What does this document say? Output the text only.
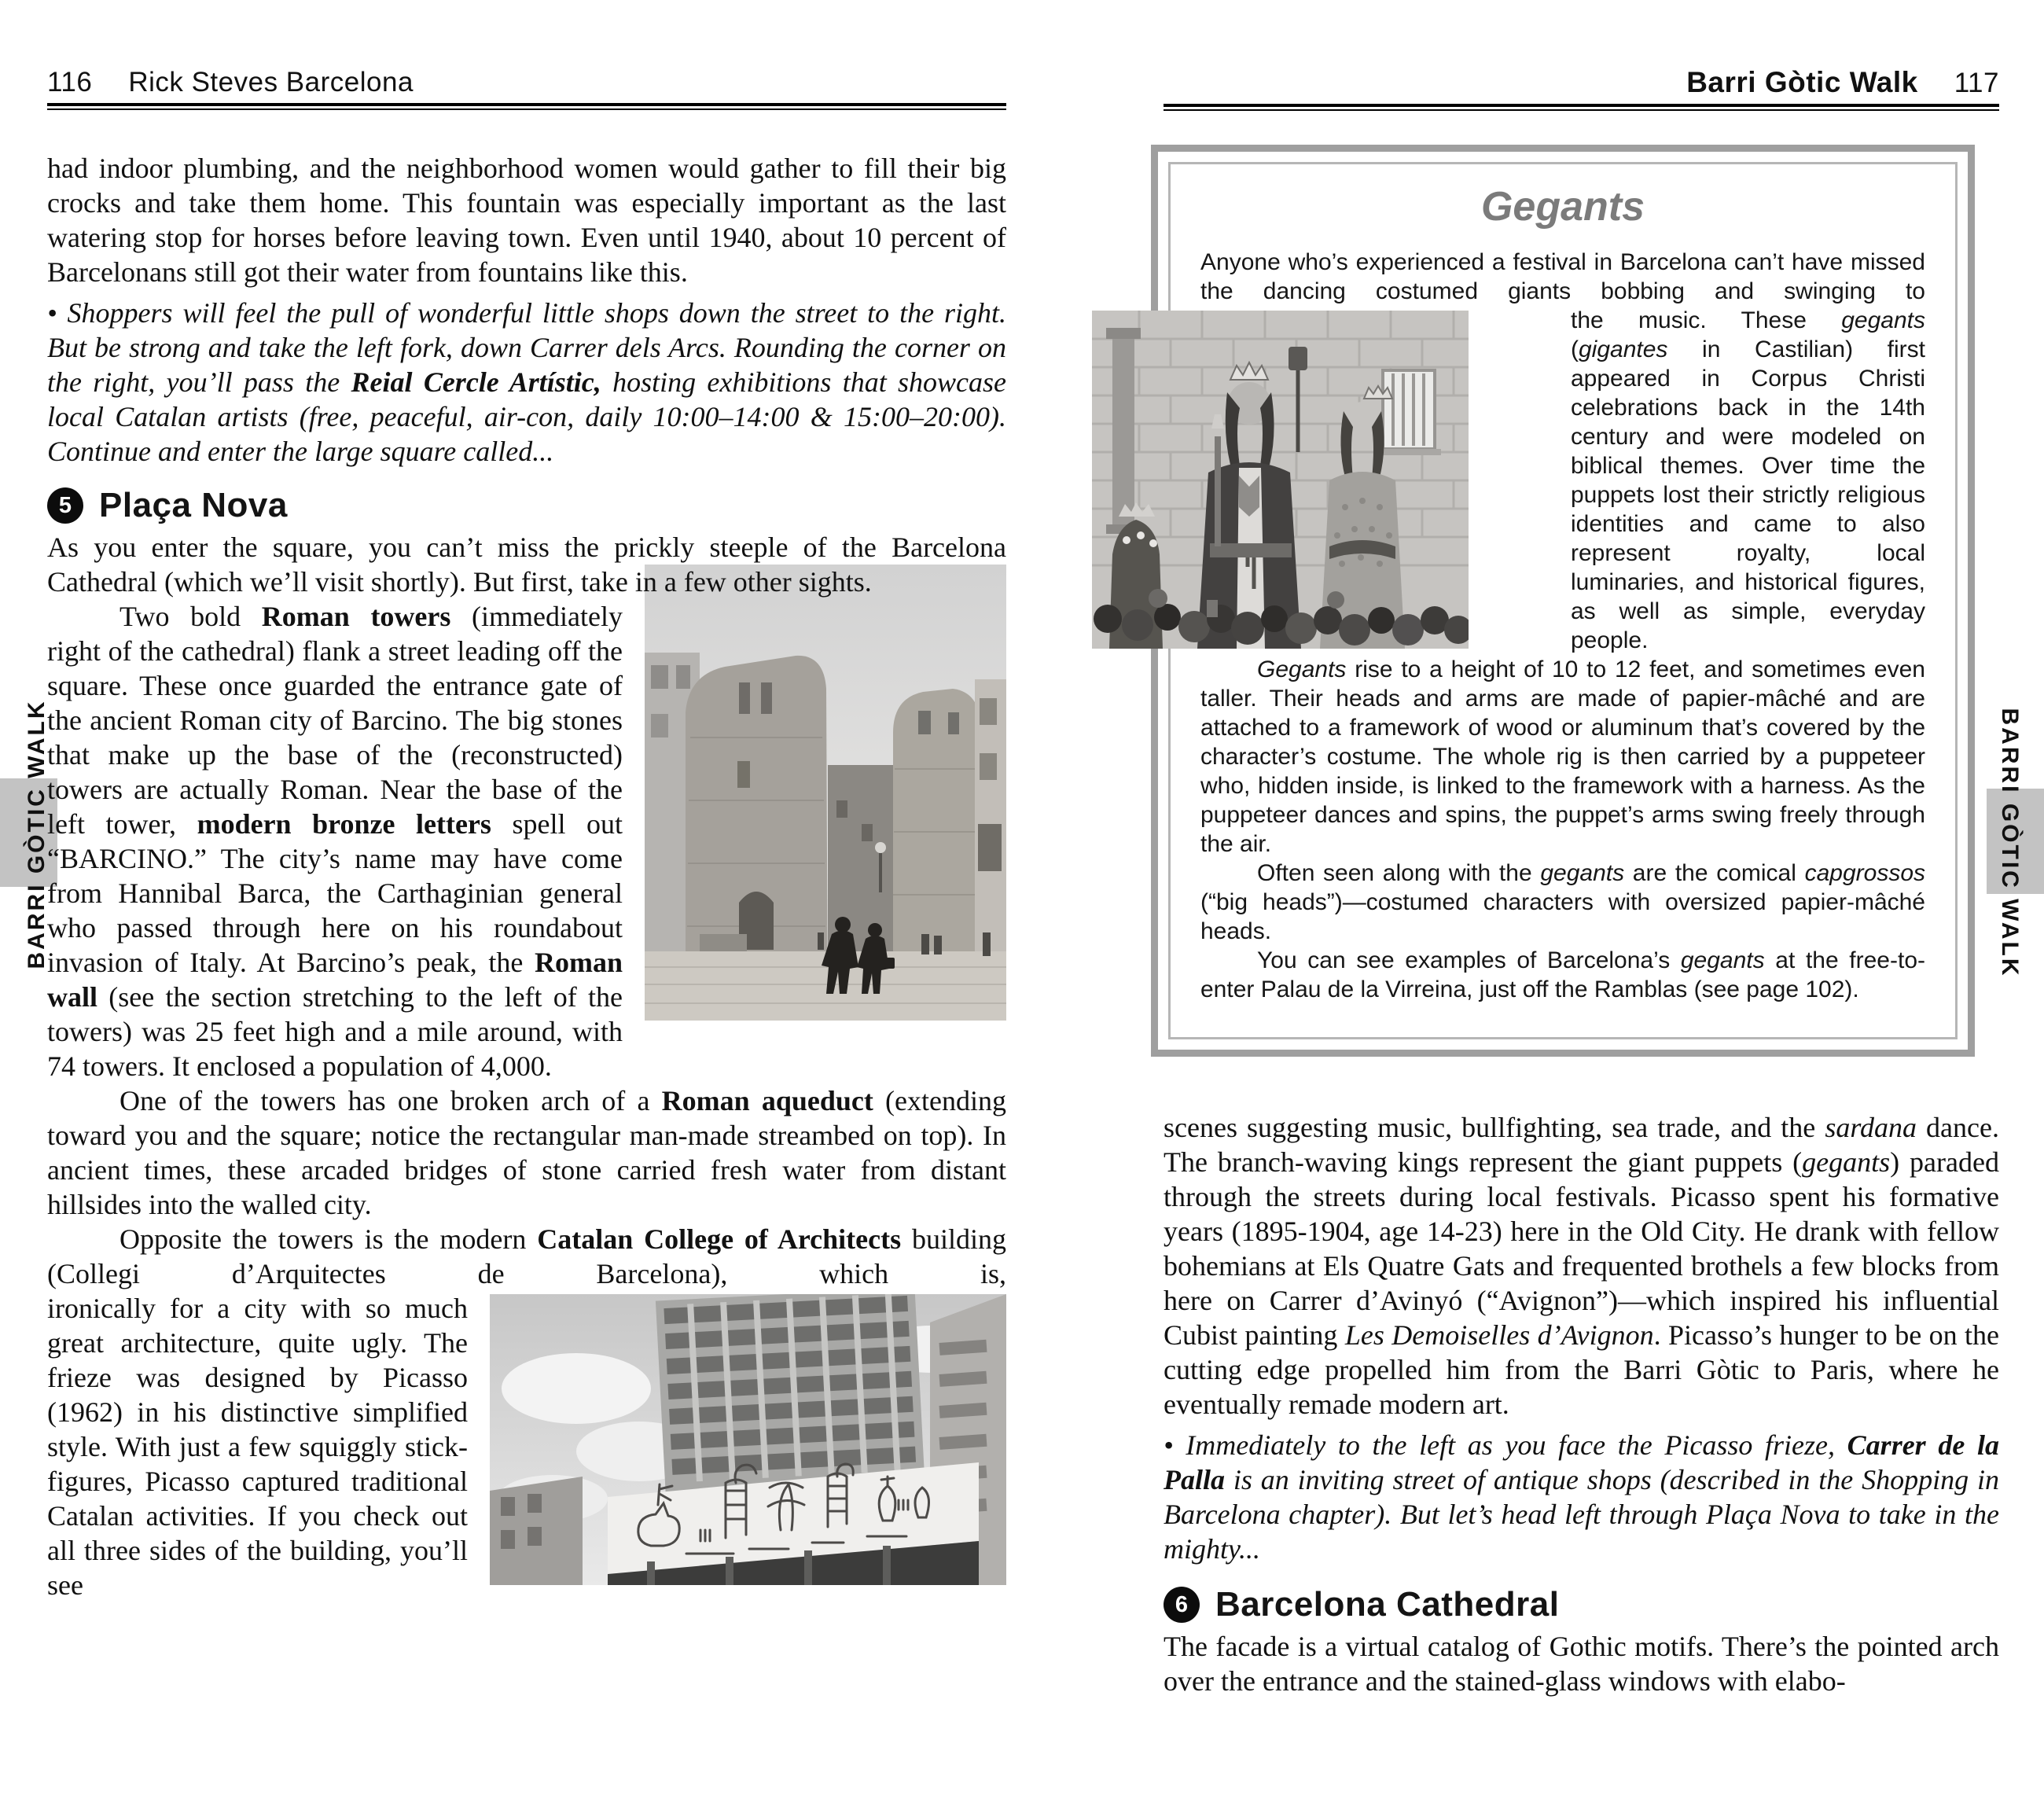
BARRI GÒTIC WALK	BARRI GÒTIC WALK
116 Rick Steves Barcelona
had indoor plumbing, and the neighborhood women would gather to fill their big crocks and take them home. This fountain was especially important as the last watering stop for horses before leaving town. Even until 1940, about 10 percent of Barcelonans still got their water from fountains like this.
• Shoppers will feel the pull of wonderful little shops down the street to the right. But be strong and take the left fork, down Carrer dels Arcs. Rounding the corner on the right, you’ll pass the Reial Cercle Artístic, hosting exhibitions that showcase local Catalan artists (free, peaceful, air-con, daily 10:00–14:00 & 15:00–20:00). Continue and enter the large square called...
5 Plaça Nova
As you enter the square, you can’t miss the prickly steeple of the Barcelona Cathedral (which we’ll visit shortly). But first, take in a few other sights.
Two bold Roman towers (immediately right of the cathedral) flank a street leading off the square. These once guarded the entrance gate of the ancient Roman city of Barcino. The big stones that make up the base of the (reconstructed) towers are actually Roman. Near the base of the left tower, modern bronze letters spell out “BARCINO.” The city’s name may have come from Hannibal Barca, the Carthaginian general who passed through here on his roundabout invasion of Italy. At Barcino’s peak, the Roman wall (see the section stretching to the left of the towers) was 25 feet high and a mile around, with 74 towers. It enclosed a population of 4,000.
One of the towers has one broken arch of a Roman aqueduct (extending toward you and the square; notice the rectangular man-made streambed on top). In ancient times, these arcaded bridges of stone carried fresh water from distant hillsides into the walled city.
Opposite the towers is the modern Catalan College of Architects building (Collegi d’Arquitectes de Barcelona), which is,
ironically for a city with so much great architecture, quite ugly. The frieze was designed by Picasso (1962) in his distinctive simplified style. With just a few squiggly stick-figures, Picasso captured traditional Catalan activities. If you check out all three sides of the building, you’ll see
Barri Gòtic Walk 117
Gegants
Anyone who’s experienced a festival in Barcelona can’t have missed the dancing costumed giants bobbing and swinging to
the music. These gegants (gigantes in Castilian) first appeared in Corpus Christi celebrations back in the 14th century and were modeled on biblical themes. Over time the puppets lost their strictly religious identities and came to also represent royalty, local luminaries, and historical figures, as well as simple, everyday people.
Gegants rise to a height of 10 to 12 feet, and sometimes even taller. Their heads and arms are made of papier-mâché and are attached to a framework of wood or aluminum that’s covered by the character’s costume. The whole rig is then carried by a puppeteer who, hidden inside, is linked to the framework with a harness. As the puppeteer dances and spins, the puppet’s arms swing freely through the air.
Often seen along with the gegants are the comical capgrossos (“big heads”)—costumed characters with oversized papier-mâché heads.
You can see examples of Barcelona’s gegants at the free-to-enter Palau de la Virreina, just off the Ramblas (see page 102).
scenes suggesting music, bullfighting, sea trade, and the sardana dance. The branch-waving kings represent the giant puppets (gegants) paraded through the streets during local festivals. Picasso spent his formative years (1895-1904, age 14-23) here in the Old City. He drank with fellow bohemians at Els Quatre Gats and frequented brothels a few blocks from here on Carrer d’Avinyó (“Avignon”)—which inspired his influential Cubist painting Les Demoiselles d’Avignon. Picasso’s hunger to be on the cutting edge propelled him from the Barri Gòtic to Paris, where he eventually remade modern art.
• Immediately to the left as you face the Picasso frieze, Carrer de la Palla is an inviting street of antique shops (described in the Shopping in Barcelona chapter). But let’s head left through Plaça Nova to take in the mighty...
6 Barcelona Cathedral
The facade is a virtual catalog of Gothic motifs. There’s the pointed arch over the entrance and the stained-glass windows with elabo-
